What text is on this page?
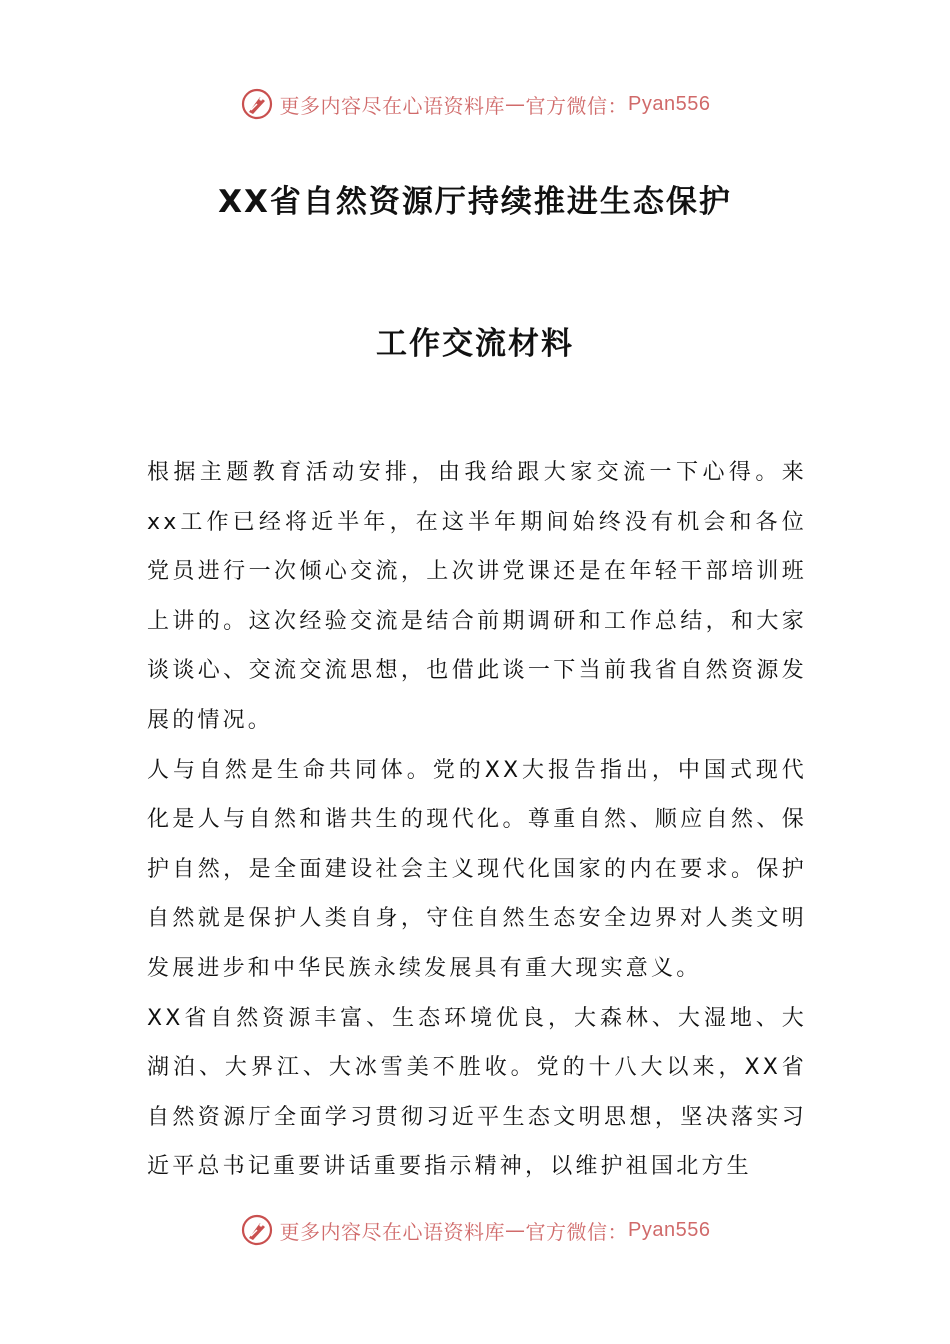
更多内容尽在心语资料库 — 官方微信： Pyan556
XX省自然资源厅持续推进生态保护
工作交流材料

根据主题教育活动安排，由我给跟大家交流一下心得。来xx工作已经将近半年，在这半年期间始终没有机会和各位党员进行一次倾心交流，上次讲党课还是在年轻干部培训班上讲的。这次经验交流是结合前期调研和工作总结，和大家谈谈心、交流交流思想，也借此谈一下当前我省自然资源发展的情况。

人与自然是生命共同体。党的XX大报告指出，中国式现代化是人与自然和谐共生的现代化。尊重自然、顺应自然、保护自然，是全面建设社会主义现代化国家的内在要求。保护自然就是保护人类自身，守住自然生态安全边界对人类文明发展进步和中华民族永续发展具有重大现实意义。

XX省自然资源丰富、生态环境优良，大森林、大湿地、大湖泊、大界江、大冰雪美不胜收。党的十八大以来，XX省自然资源厅全面学习贯彻习近平生态文明思想，坚决落实习近平总书记重要讲话重要指示精神，以维护祖国北方生

更多内容尽在心语资料库 — 官方微信： Pyan556
